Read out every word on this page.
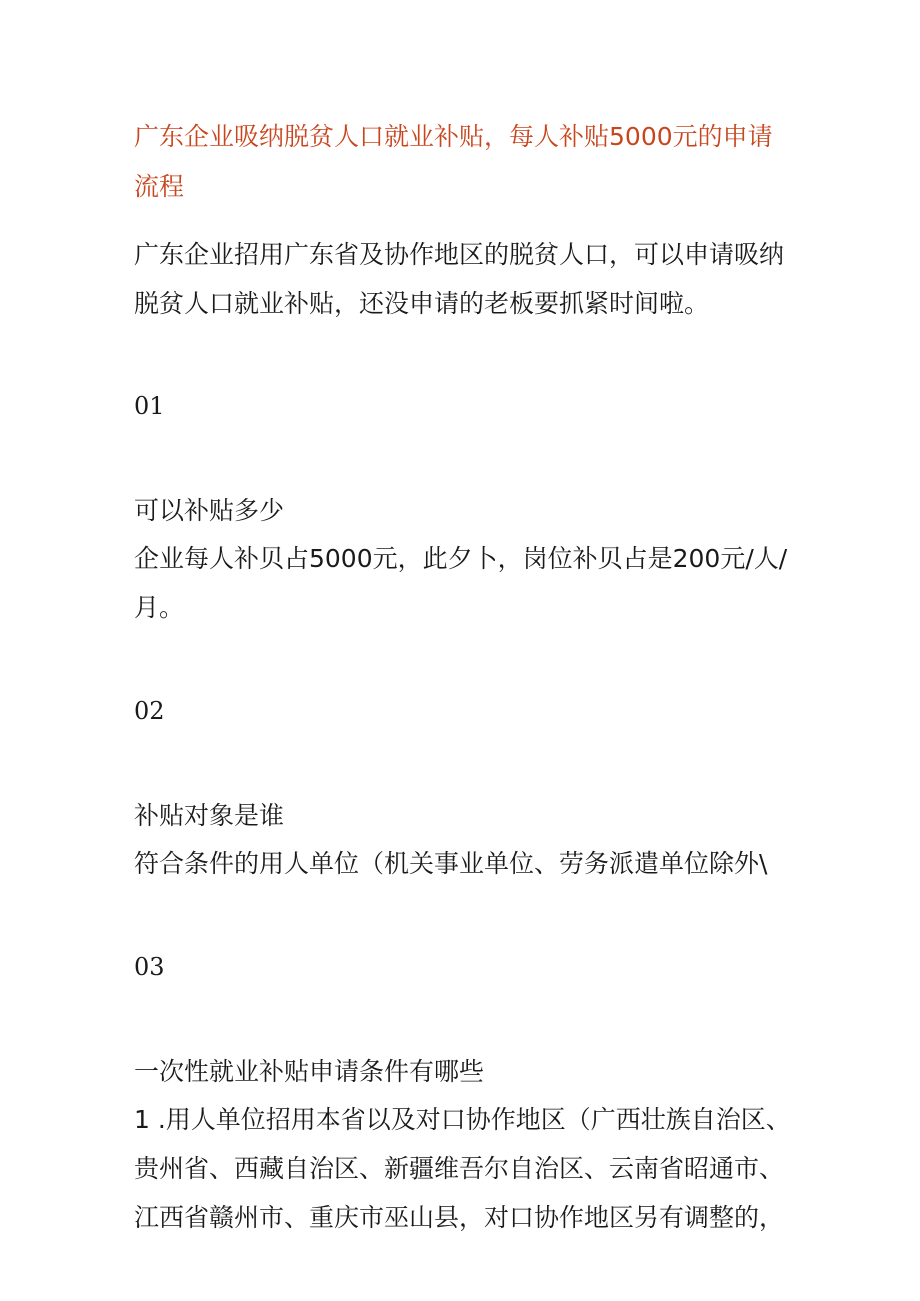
广东企业吸纳脱贫人口就业补贴，每人补贴5000元的申请流程

广东企业招用广东省及协作地区的脱贫人口，可以申请吸纳脱贫人口就业补贴，还没申请的老板要抓紧时间啦。

01

可以补贴多少

企业每人补贝占5000元，此夕卜，岗位补贝占是200元/人/月。

02

补贴对象是谁

符合条件的用人单位（机关事业单位、劳务派遣单位除外\

03

一次性就业补贴申请条件有哪些

1 .用人单位招用本省以及对口协作地区（广西壮族自治区、贵州省、西藏自治区、新疆维吾尔自治区、云南省昭通市、江西省赣州市、重庆市巫山县，对口协作地区另有调整的，
